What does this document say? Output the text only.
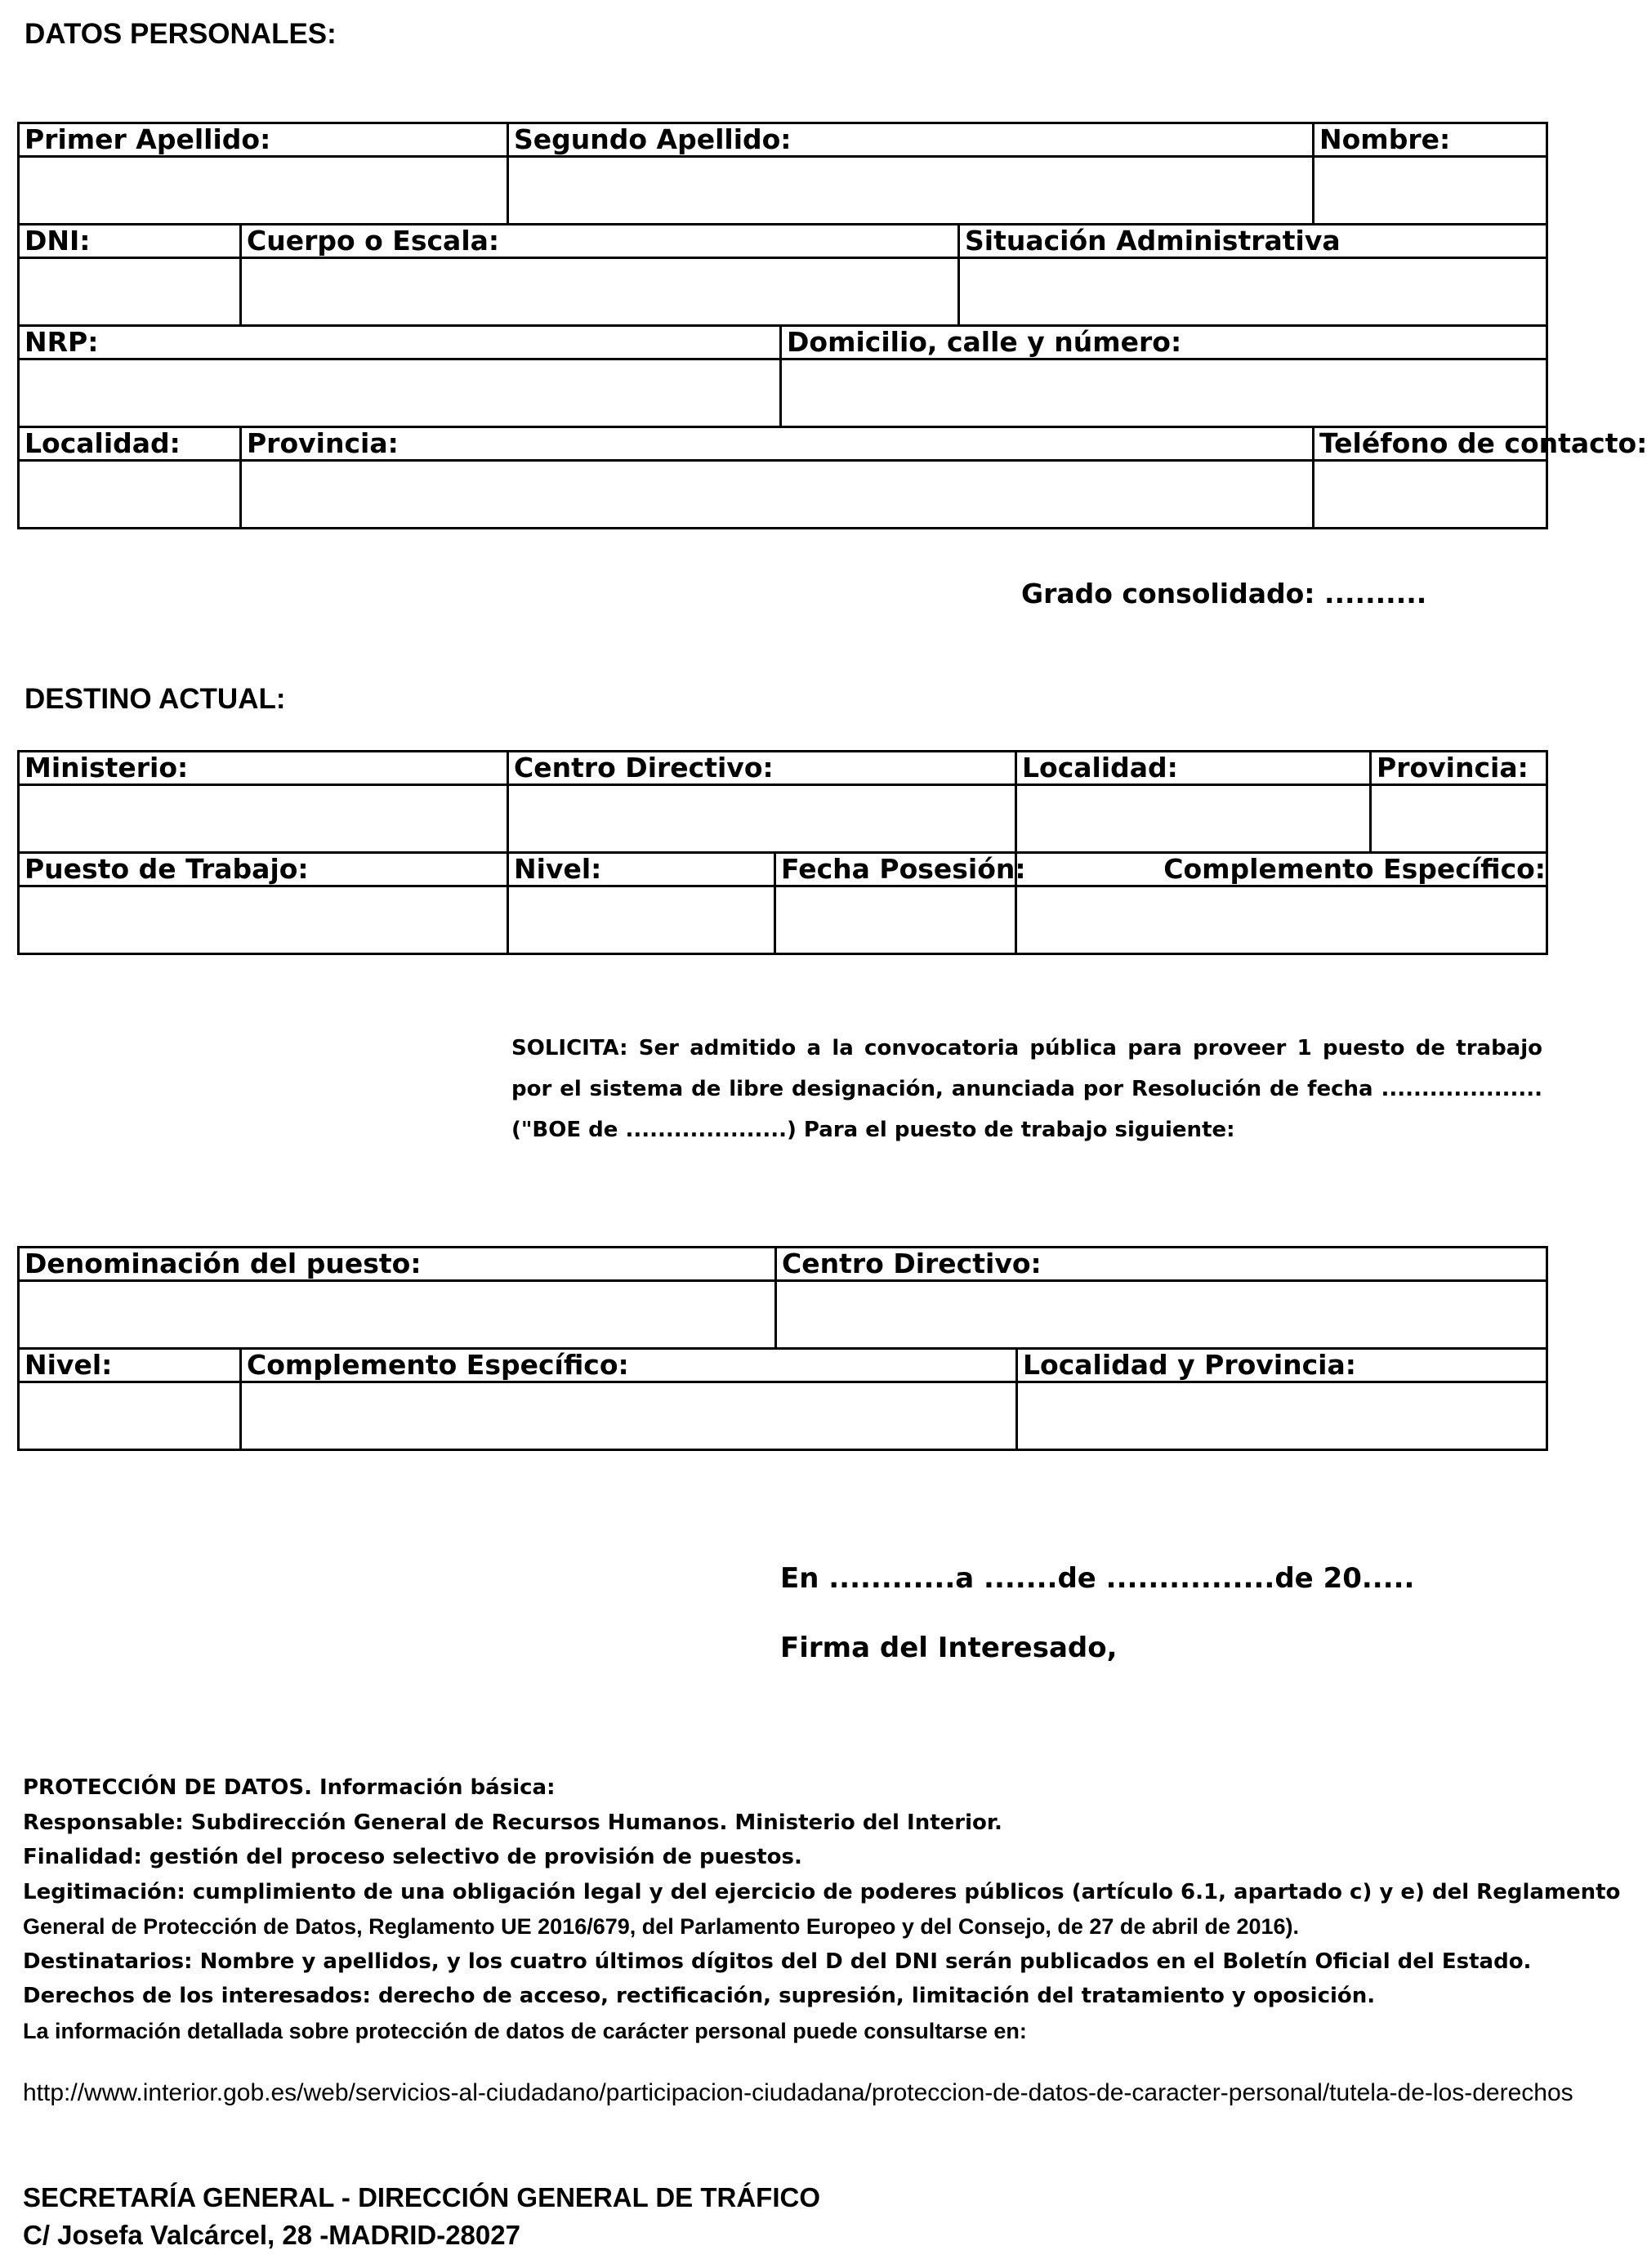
DATOS PERSONALES:
Primer Apellido:		Segundo Apellido:			Nombre:

DNI:	Cuerpo o Escala:			Situación Administrativa	

NRP:			Domicilio, calle y número:		

Localidad:	Provincia:				Teléfono de contacto:

Grado consolidado: ..........
DESTINO ACTUAL:
Ministerio:	Centro Directivo:		Localidad:	Provincia:

Puesto de Trabajo:	Nivel:	Fecha Posesión:	Complemento Específico:	

SOLICITA: Ser admitido a la convocatoria pública para proveer 1 puesto de trabajo por el sistema de libre designación, anunciada por Resolución de fecha ....................("BOE de ....................) Para el puesto de trabajo siguiente:
Denominación del puesto:		Centro Directivo:	

Nivel:	Complemento Específico:		Localidad y Provincia:

En ............a .......de ................de 20.....
Firma del Interesado,

PROTECCIÓN DE DATOS. Información básica:

Responsable: Subdirección General de Recursos Humanos. Ministerio del Interior.

Finalidad: gestión del proceso selectivo de provisión de puestos.

Legitimación: cumplimiento de una obligación legal y del ejercicio de poderes públicos (artículo 6.1, apartado c) y e) del Reglamento

General de Protección de Datos, Reglamento UE 2016/679, del Parlamento Europeo y del Consejo, de 27 de abril de 2016).

Destinatarios: Nombre y apellidos, y los cuatro últimos dígitos del D del DNI serán publicados en el Boletín Oficial del Estado.

Derechos de los interesados: derecho de acceso, rectificación, supresión, limitación del tratamiento y oposición.

La información detallada sobre protección de datos de carácter personal puede consultarse en:

http://www.interior.gob.es/web/servicios-al-ciudadano/participacion-ciudadana/proteccion-de-datos-de-caracter-personal/tutela-de-los-derechos
SECRETARÍA GENERAL - DIRECCIÓN GENERAL DE TRÁFICO
C/ Josefa Valcárcel, 28 -MADRID-28027
